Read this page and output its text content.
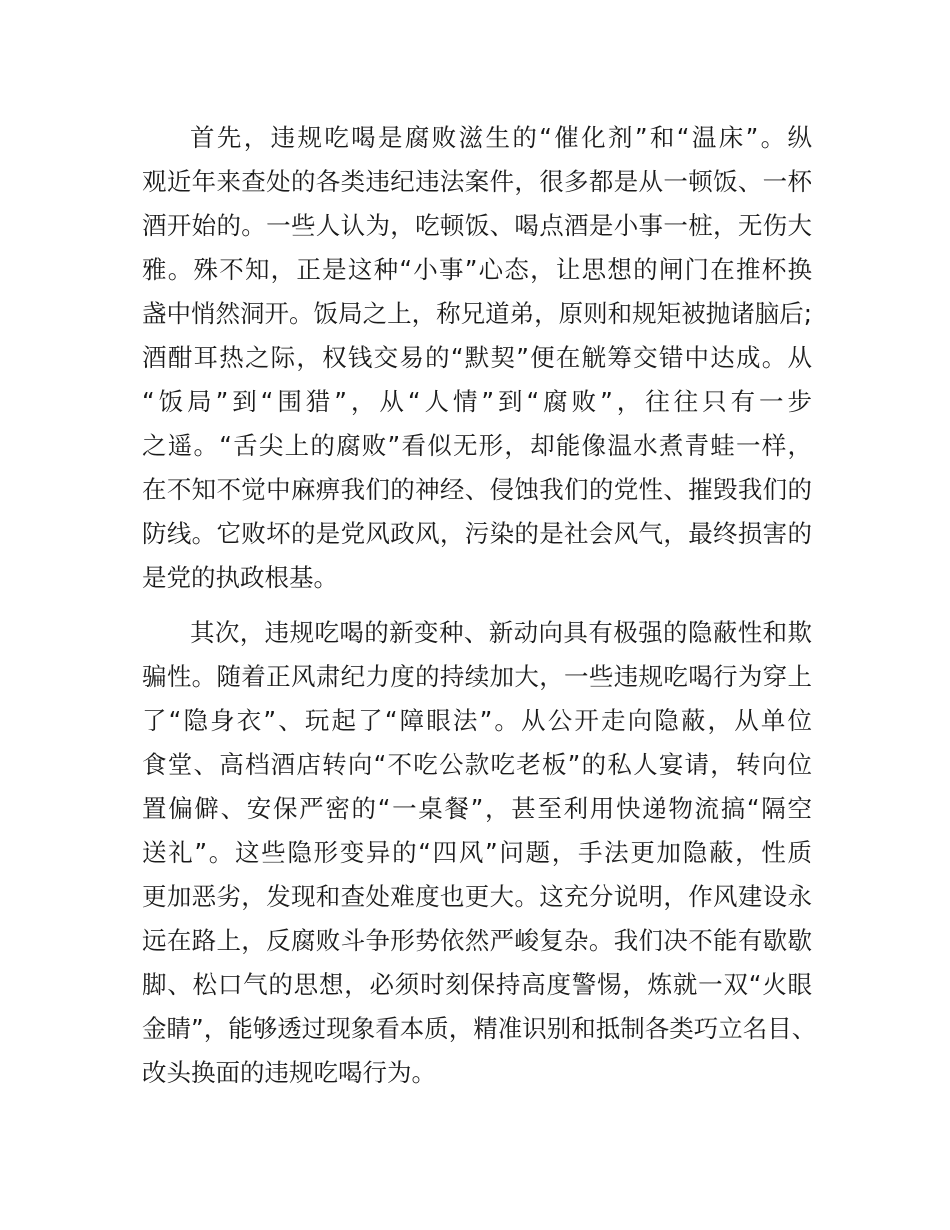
首先，违规吃喝是腐败滋生的“催化剂”和“温床”。纵
观近年来查处的各类违纪违法案件，很多都是从一顿饭、一杯
酒开始的。一些人认为，吃顿饭、喝点酒是小事一桩，无伤大
雅。殊不知，正是这种“小事”心态，让思想的闸门在推杯换
盏中悄然洞开。饭局之上，称兄道弟，原则和规矩被抛诸脑后;
酒酣耳热之际，权钱交易的“默契”便在觥筹交错中达成。从
“饭局”到“围猎”，从“人情”到“腐败”，往往只有一步
之遥。“舌尖上的腐败”看似无形，却能像温水煮青蛙一样，
在不知不觉中麻痹我们的神经、侵蚀我们的党性、摧毁我们的
防线。它败坏的是党风政风，污染的是社会风气，最终损害的
是党的执政根基。
其次，违规吃喝的新变种、新动向具有极强的隐蔽性和欺
骗性。随着正风肃纪力度的持续加大，一些违规吃喝行为穿上
了“隐身衣”、玩起了“障眼法”。从公开走向隐蔽，从单位
食堂、高档酒店转向“不吃公款吃老板”的私人宴请，转向位
置偏僻、安保严密的“一桌餐”，甚至利用快递物流搞“隔空
送礼”。这些隐形变异的“四风”问题，手法更加隐蔽，性质
更加恶劣，发现和查处难度也更大。这充分说明，作风建设永
远在路上，反腐败斗争形势依然严峻复杂。我们决不能有歇歇
脚、松口气的思想，必须时刻保持高度警惕，炼就一双“火眼
金睛”，能够透过现象看本质，精准识别和抵制各类巧立名目、
改头换面的违规吃喝行为。
